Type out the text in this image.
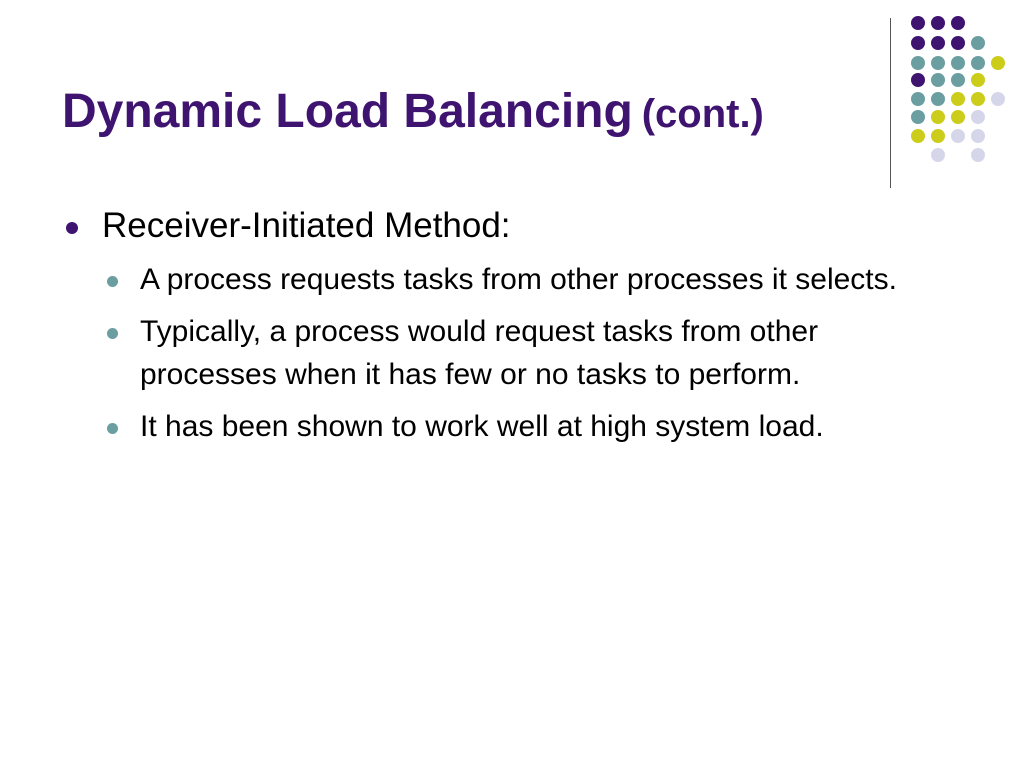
Dynamic Load Balancing (cont.)
Receiver-Initiated Method:
A process requests tasks from other processes it selects.
Typically, a process would request tasks from other processes when it has few or no tasks to perform.
It has been shown to work well at high system load.
